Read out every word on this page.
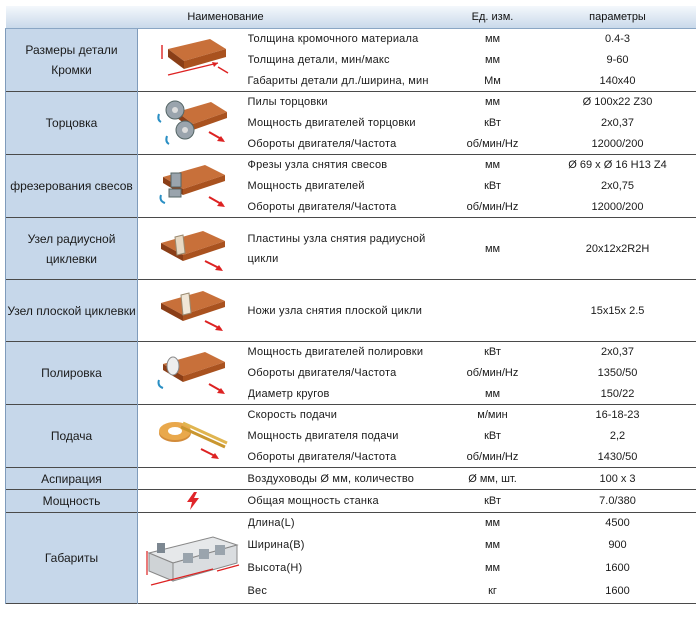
Наименование			Ед. изм.	параметры
Размеры детали Кромки		Толщина кромочного материала	мм	0.4-3
		Толщина детали, мин/макс	мм	9-60
		Габариты детали дл./ширина, мин	Мм	140х40
Торцовка		Пилы торцовки	мм	Ø 100х22 Z30
		Мощность двигателей торцовки	кВт	2х0,37
		Обороты двигателя/Частота	об/мин/Hz	12000/200
фрезерования свесов		Фрезы узла снятия свесов	мм	Ø 69 х Ø 16 H13 Z4
		Мощность двигателей	кВт	2х0,75
		Обороты двигателя/Частота	об/мин/Hz	12000/200
Узел радиусной циклевки		Пластины узла снятия радиусной цикли	мм	20х12х2R2H
Узел плоской циклевки		Ножи узла снятия плоской цикли		15х15х 2.5
Полировка		Мощность двигателей полировки	кВт	2х0,37
		Обороты двигателя/Частота	об/мин/Hz	1350/50
		Диаметр кругов	мм	150/22
Подача		Скорость подачи	м/мин	16-18-23
		Мощность двигателя подачи	кВт	2,2
		Обороты двигателя/Частота	об/мин/Hz	1430/50
Аспирация		Воздуховоды Ø мм, количество	Ø мм, шт.	100 х 3
Мощность		Общая мощность станка	кВт	7.0/380
Габариты		Длина(L)	мм	4500
		Ширина(B)	мм	900
		Высота(H)	мм	1600
		Вес	кг	1600
